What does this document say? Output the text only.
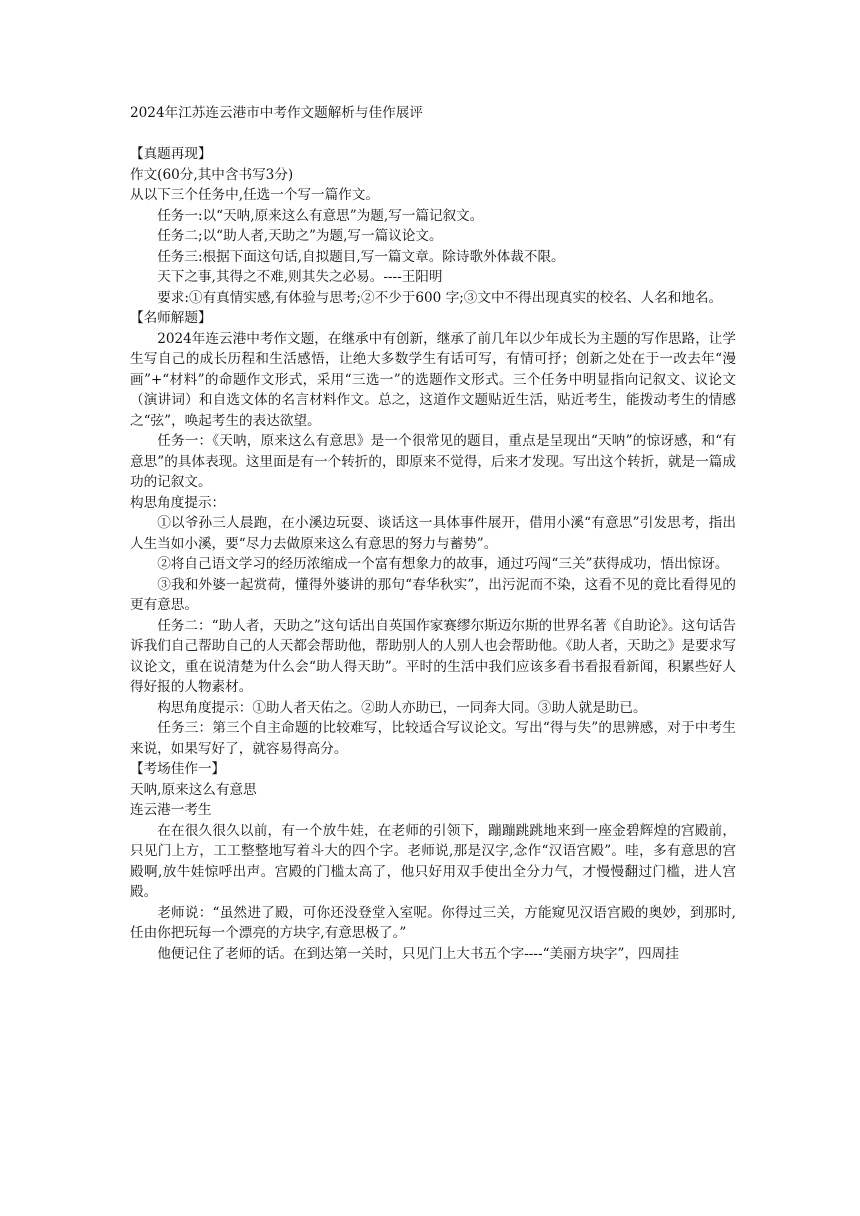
2024年江苏连云港市中考作文题解析与佳作展评

【真题再现】

作文(60分,其中含书写3分)

从以下三个任务中,任选一个写一篇作文。

任务一:以“天呐,原来这么有意思”为题,写一篇记叙文。

任务二;以“助人者,天助之”为题,写一篇议论文。

任务三:根据下面这句话,自拟题目,写一篇文章。除诗歌外体裁不限。

天下之事,其得之不难,则其失之必易。----王阳明

要求:①有真情实感,有体验与思考;②不少于600 字;③文中不得出现真实的校名、人名和地名。

【名师解题】

2024年连云港中考作文题，在继承中有创新，继承了前几年以少年成长为主题的写作思路，让学生写自己的成长历程和生活感悟，让绝大多数学生有话可写，有情可抒；创新之处在于一改去年“漫画”+“材料”的命题作文形式，采用“三选一”的选题作文形式。三个任务中明显指向记叙文、议论文（演讲词）和自选文体的名言材料作文。总之，这道作文题贴近生活，贴近考生，能拨动考生的情感之“弦”，唤起考生的表达欲望。

任务一：《天呐，原来这么有意思》是一个很常见的题目，重点是呈现出“天呐”的惊讶感，和“有意思”的具体表现。这里面是有一个转折的，即原来不觉得，后来才发现。写出这个转折，就是一篇成功的记叙文。

构思角度提示：

①以爷孙三人晨跑，在小溪边玩耍、谈话这一具体事件展开，借用小溪“有意思”引发思考，指出人生当如小溪，要“尽力去做原来这么有意思的努力与蓄势”。

②将自己语文学习的经历浓缩成一个富有想象力的故事，通过巧闯“三关”获得成功，悟出惊讶。

③我和外婆一起赏荷，懂得外婆讲的那句“春华秋实”，出污泥而不染，这看不见的竟比看得见的更有意思。

任务二：“助人者，天助之”这句话出自英国作家赛缪尔斯迈尔斯的世界名著《自助论》。这句话告诉我们自己帮助自己的人天都会帮助他，帮助别人的人别人也会帮助他。《助人者，天助之》是要求写议论文，重在说清楚为什么会“助人得天助”。平时的生活中我们应该多看书看报看新闻，积累些好人得好报的人物素材。

构思角度提示：①助人者天佑之。②助人亦助已，一同奔大同。③助人就是助已。

任务三：第三个自主命题的比较难写，比较适合写议论文。写出“得与失”的思辨感，对于中考生来说，如果写好了，就容易得高分。

【考场佳作一】

天呐,原来这么有意思

连云港一考生

在在很久很久以前，有一个放牛娃，在老师的引领下，蹦蹦跳跳地来到一座金碧辉煌的宫殿前，只见门上方，工工整整地写着斗大的四个字。老师说,那是汉字,念作“汉语宫殿”。哇，多有意思的宫殿啊,放牛娃惊呼出声。宫殿的门槛太高了，他只好用双手使出全分力气，才慢慢翻过门槛，进人宫殿。

老师说：“虽然进了殿，可你还没登堂入室呢。你得过三关，方能窥见汉语宫殿的奥妙，到那时,任由你把玩每一个漂亮的方块字,有意思极了。”

他便记住了老师的话。在到达第一关时，只见门上大书五个字----“美丽方块字”，四周挂
